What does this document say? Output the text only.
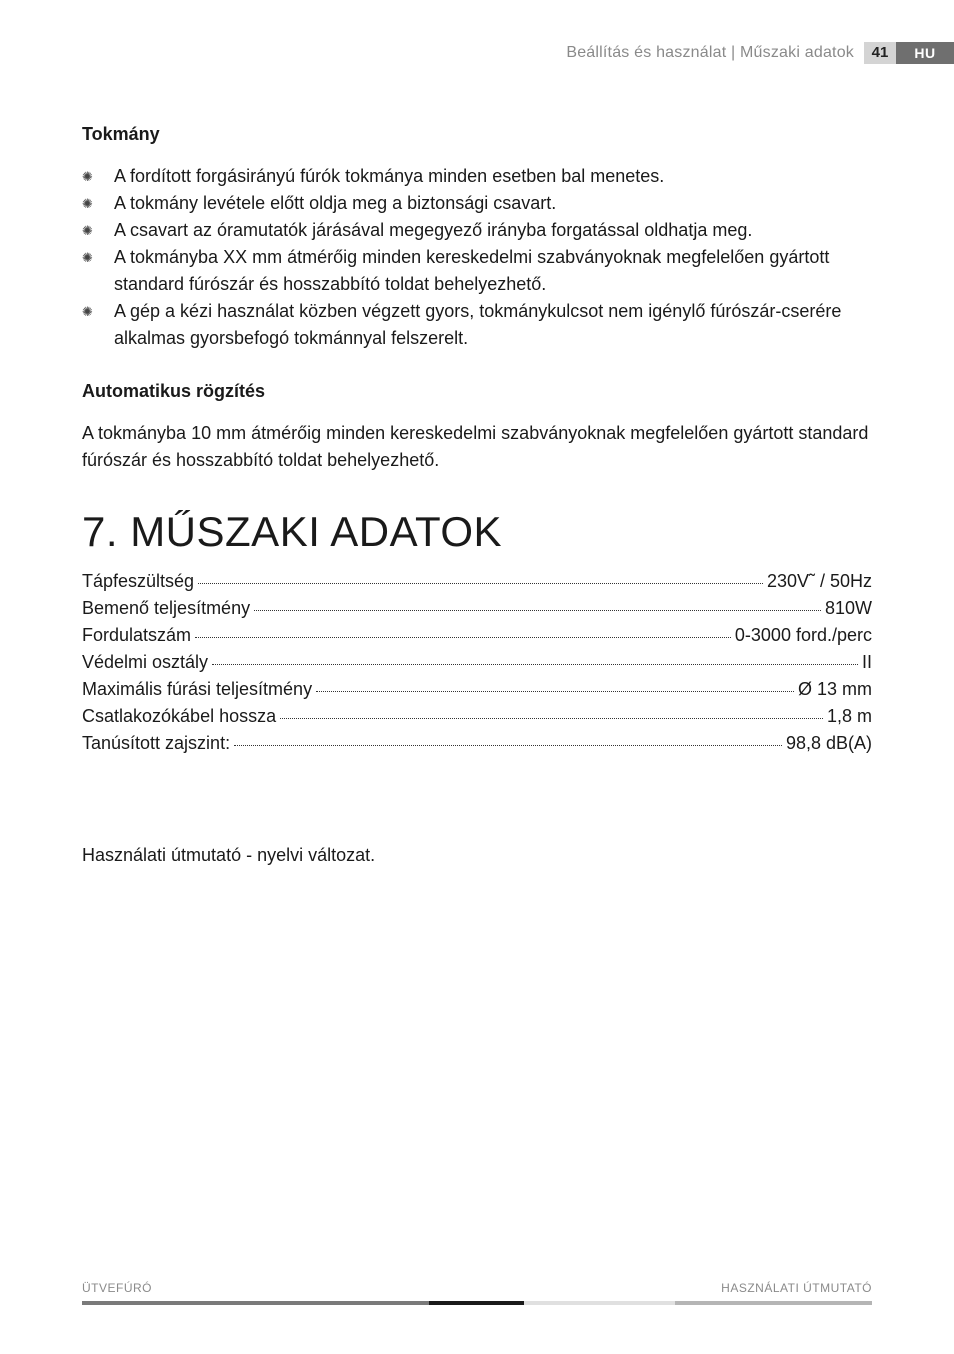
Beállítás és használat | Műszaki adatok	41	HU
Tokmány
✺ A fordított forgásirányú fúrók tokmánya minden esetben bal menetes.
✺ A tokmány levétele előtt oldja meg a biztonsági csavart.
✺ A csavart az óramutatók járásával megegyező irányba forgatással oldhatja meg.
✺ A tokmányba XX mm átmérőig minden kereskedelmi szabványoknak megfelelően gyártott standard fúrószár és hosszabbító toldat behelyezhető.
✺ A gép a kézi használat közben végzett gyors, tokmánykulcsot nem igénylő fúrószár-cserére alkalmas gyorsbefogó tokmánnyal felszerelt.
Automatikus rögzítés

A tokmányba 10 mm átmérőig minden kereskedelmi szabványoknak megfelelően gyártott standard fúrószár és hosszabbító toldat behelyezhető.

7. MŰSZAKI ADATOK
Tápfeszültség	230V˜ / 50Hz
Bemenő teljesítmény	810W
Fordulatszám	0-3000 ford./perc
Védelmi osztály	II
Maximális fúrási teljesítmény	Ø 13 mm
Csatlakozókábel hossza	1,8 m
Tanúsított zajszint:	98,8 dB(A)

Használati útmutató - nyelvi változat.

ÜTVEFÚRÓ	HASZNÁLATI ÚTMUTATÓ
